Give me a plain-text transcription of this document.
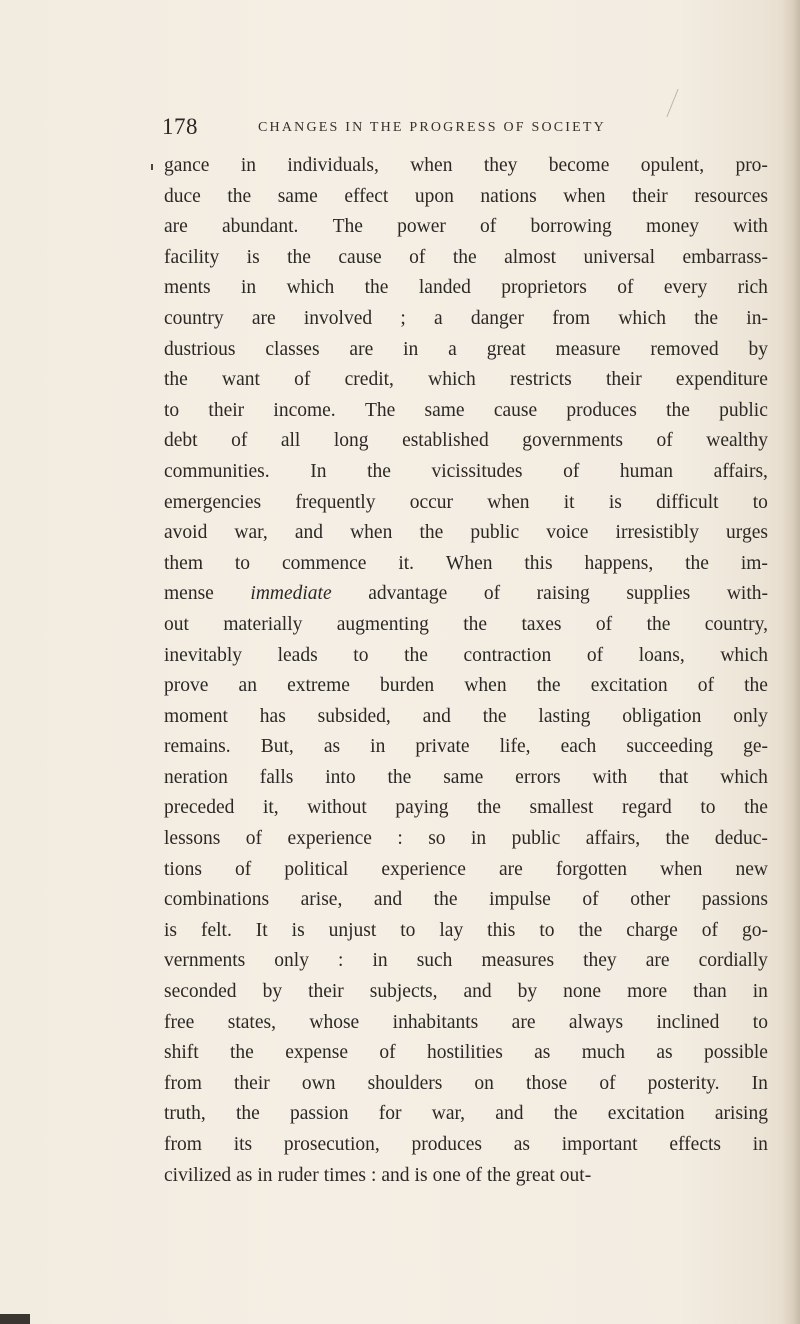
178	CHANGES IN THE PROGRESS OF SOCIETY
gance in individuals, when they become opulent, pro-
duce the same effect upon nations when their resources
are abundant. The power of borrowing money with
facility is the cause of the almost universal embarrass-
ments in which the landed proprietors of every rich
country are involved ; a danger from which the in-
dustrious classes are in a great measure removed by
the want of credit, which restricts their expenditure
to their income. The same cause produces the public
debt of all long established governments of wealthy
communities. In the vicissitudes of human affairs,
emergencies frequently occur when it is difficult to
avoid war, and when the public voice irresistibly urges
them to commence it. When this happens, the im-
mense immediate advantage of raising supplies with-
out materially augmenting the taxes of the country,
inevitably leads to the contraction of loans, which
prove an extreme burden when the excitation of the
moment has subsided, and the lasting obligation only
remains. But, as in private life, each succeeding ge-
neration falls into the same errors with that which
preceded it, without paying the smallest regard to the
lessons of experience : so in public affairs, the deduc-
tions of political experience are forgotten when new
combinations arise, and the impulse of other passions
is felt. It is unjust to lay this to the charge of go-
vernments only : in such measures they are cordially
seconded by their subjects, and by none more than in
free states, whose inhabitants are always inclined to
shift the expense of hostilities as much as possible
from their own shoulders on those of posterity. In
truth, the passion for war, and the excitation arising
from its prosecution, produces as important effects in
civilized as in ruder times : and is one of the great out-
